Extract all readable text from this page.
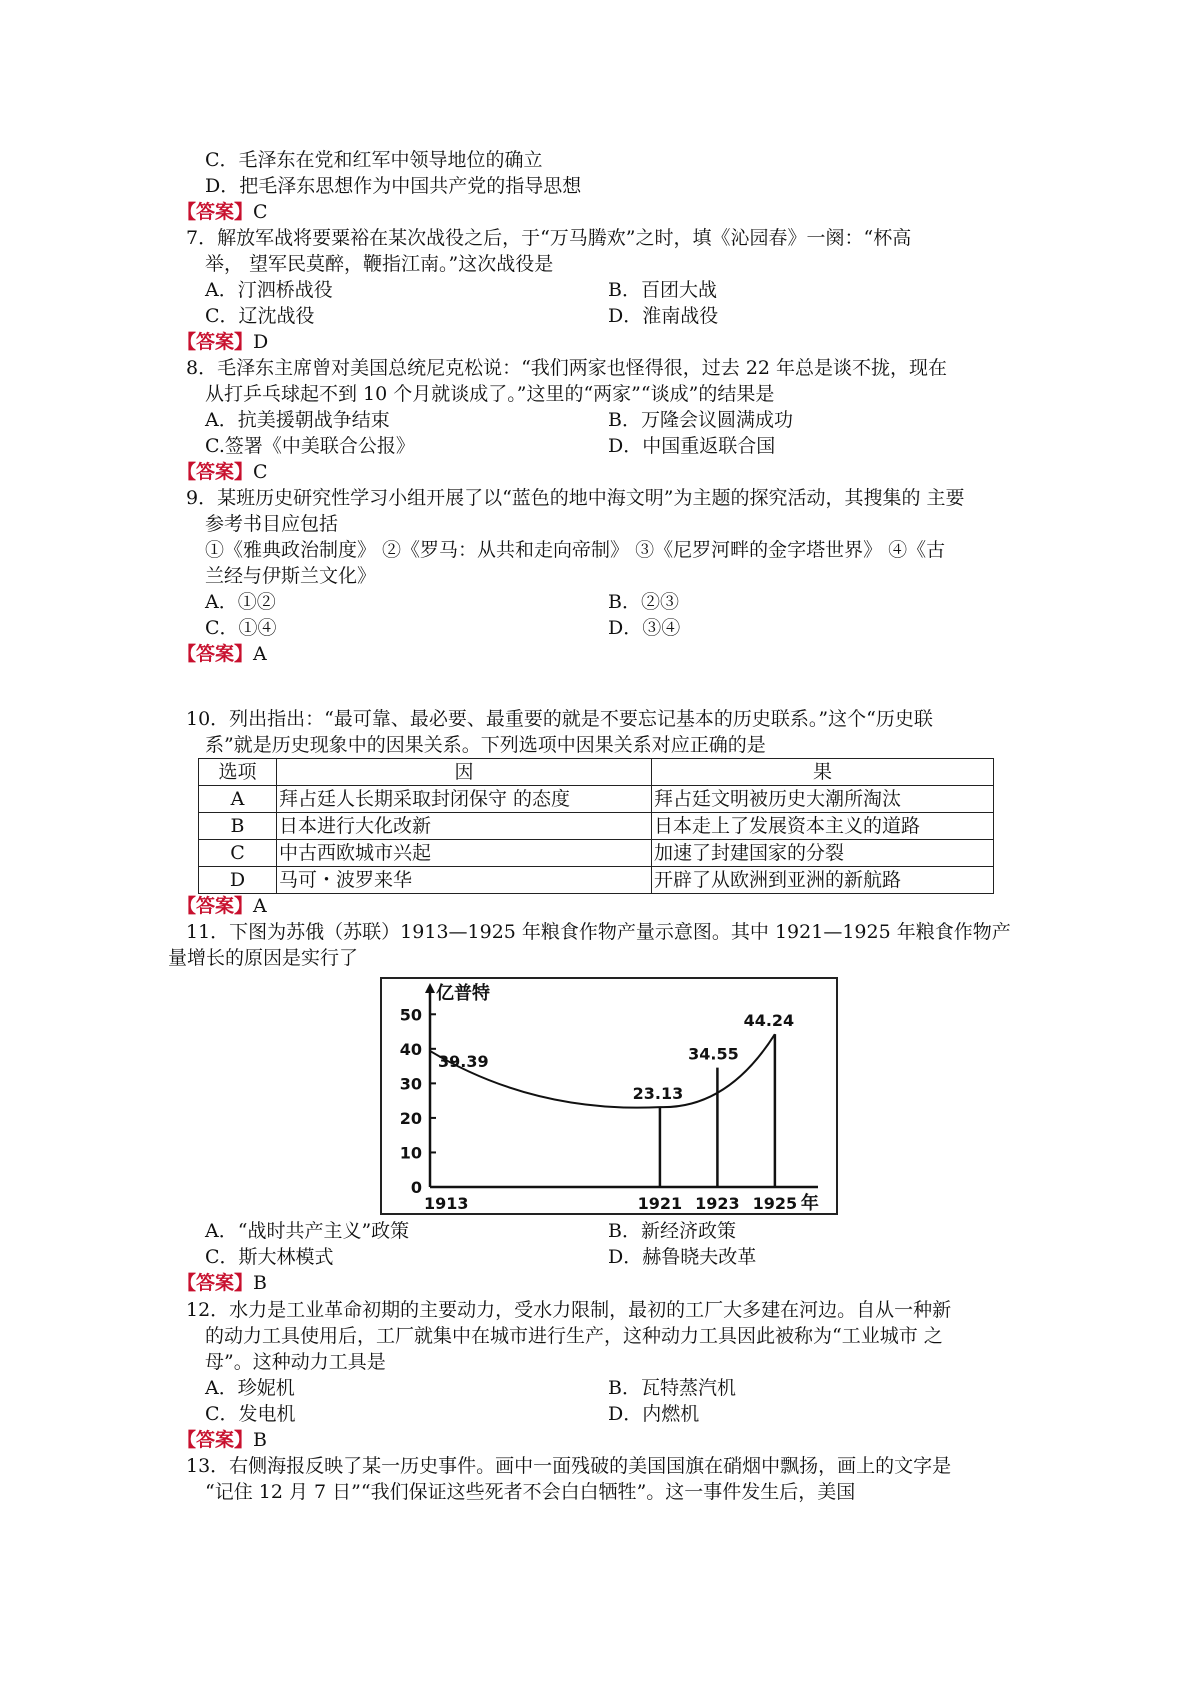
C．毛泽东在党和红军中领导地位的确立
D．把毛泽东思想作为中国共产党的指导思想
【答案】C
7．解放军战将要粟裕在某次战役之后，于“万马腾欢”之时，填《沁园春》一阕：“杯高
举， 望军民莫醉，鞭指江南。”这次战役是
A．汀泗桥战役	B．百团大战
C．辽沈战役	D．淮南战役
【答案】D
8．毛泽东主席曾对美国总统尼克松说：“我们两家也怪得很，过去 22 年总是谈不拢，现在
从打乒乓球起不到 10 个月就谈成了。”这里的“两家”“谈成”的结果是
A．抗美援朝战争结束	B．万隆会议圆满成功
C.签署《中美联合公报》	D．中国重返联合国
【答案】C
9．某班历史研究性学习小组开展了以“蓝色的地中海文明”为主题的探究活动，其搜集的 主要
参考书目应包括
①《雅典政治制度》 ②《罗马：从共和走向帝制》 ③《尼罗河畔的金字塔世界》 ④《古
兰经与伊斯兰文化》
A．①②	B．②③
C．①④	D．③④
【答案】A
10．列出指出：“最可靠、最必要、最重要的就是不要忘记基本的历史联系。”这个“历史联
系”就是历史现象中的因果关系。下列选项中因果关系对应正确的是
选项	因	果
A	拜占廷人长期采取封闭保守 的态度	拜占廷文明被历史大潮所淘汰
B	日本进行大化改新	日本走上了发展资本主义的道路
C	中古西欧城市兴起	加速了封建国家的分裂
D	马可・波罗来华	开辟了从欧洲到亚洲的新航路
【答案】A
11．下图为苏俄（苏联）1913—1925 年粮食作物产量示意图。其中 1921—1925 年粮食作物产
量增长的原因是实行了
0
10
20
30
40
50
亿普特
1913	1921 1923 1925 年
39.39
23.13
34.55
44.24
A．“战时共产主义”政策	B．新经济政策
C．斯大林模式	D．赫鲁晓夫改革
【答案】B
12．水力是工业革命初期的主要动力，受水力限制，最初的工厂大多建在河边。自从一种新
的动力工具使用后，工厂就集中在城市进行生产，这种动力工具因此被称为“工业城市 之
母”。这种动力工具是
A．珍妮机	B．瓦特蒸汽机
C．发电机	D．内燃机
【答案】B
13．右侧海报反映了某一历史事件。画中一面残破的美国国旗在硝烟中飘扬，画上的文字是
“记住 12 月 7 日”“我们保证这些死者不会白白牺牲”。这一事件发生后，美国
